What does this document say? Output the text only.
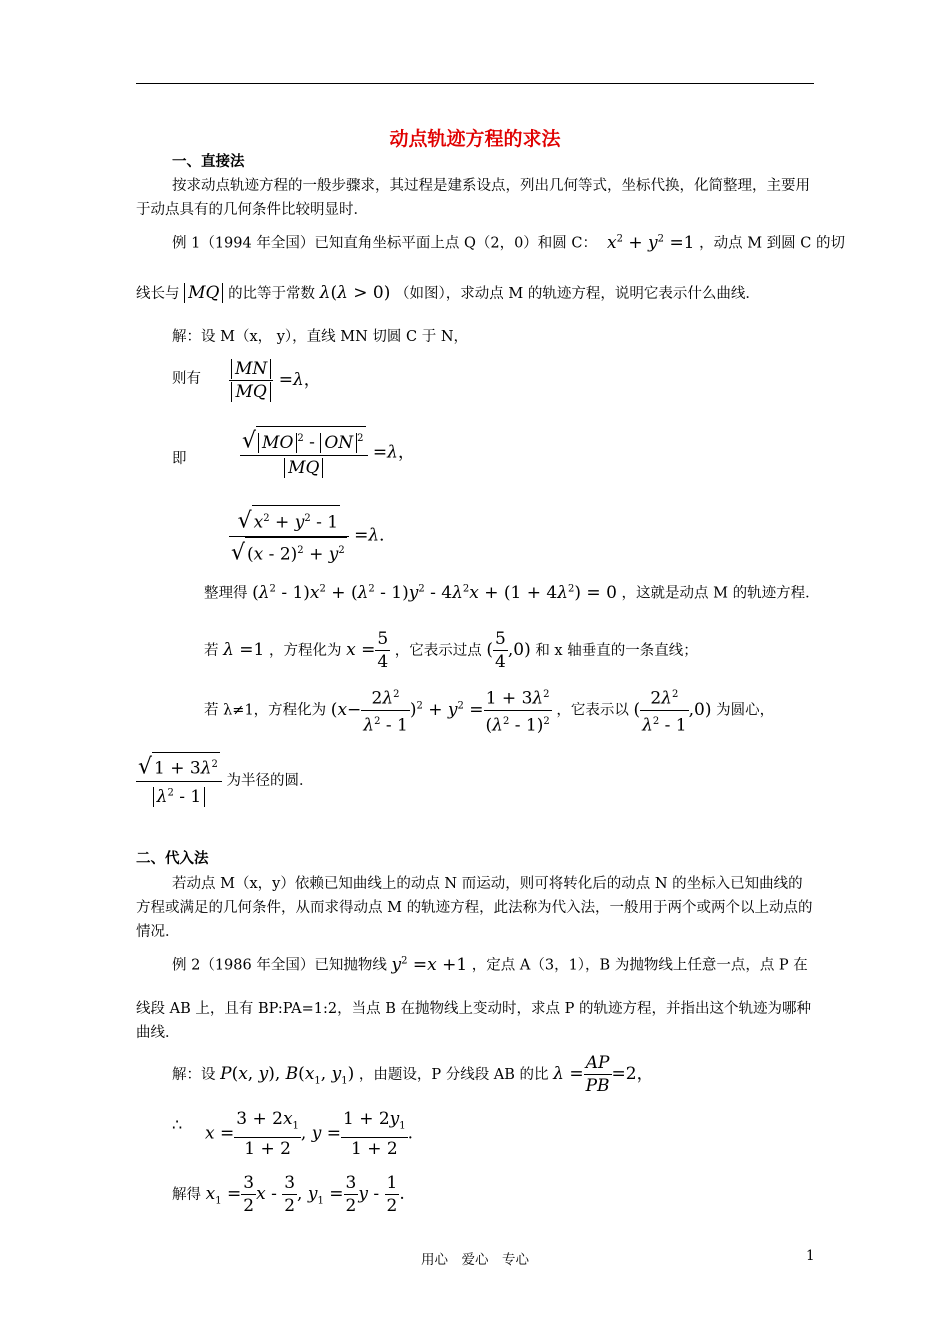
动点轨迹方程的求法
一、直接法
按求动点轨迹方程的一般步骤求，其过程是建系设点，列出几何等式，坐标代换，化简整理，主要用于动点具有的几何条件比较明显时．
例 1（1994 年全国）已知直角坐标平面上点 Q（2，0）和圆 C：  $x^2 + y^2 =1$ ，动点 M 到圆 C 的切
线长与 MQ 的比等于常数 λ(λ > 0) （如图），求动点 M 的轨迹方程，说明它表示什么曲线．
解：设 M（x， y），直线 MN 切圆 C 于 N，
则有 $\frac{MN}{MQ} =\lambda$，
即 $\frac{√ MO ^2 - ON ^2}{MQ} =\lambda$，
$\frac{√ x^2 + y^2 - 1}{√ (x - 2)^2 + y^2} =\lambda$．
整理得 $(\lambda^2 - 1)x^2 + (\lambda^2 - 1)y^2 - 4\lambda^2x + (1 + 4\lambda^2) = 0$ ，这就是动点 M 的轨迹方程．
若 λ =1 ，方程化为 $x = \frac{5}{4}$ ，它表示过点 ( $\frac{5}{4} ,0$) 和 x 轴垂直的一条直线；
若 λ≠1，方程化为 $(x- \frac{2\lambda^2}{\lambda^2 - 1} )^2 + y^2 = \frac{1 + 3\lambda^2}{(\lambda^2 - 1)^2}$ ，它表示以 ( $\frac{2\lambda^2}{\lambda^2 - 1} ,0$) 为圆心，
$\frac{√ 1 + 3\lambda^2}{\lambda^2 - 1}$ 为半径的圆．
二、代入法
若动点 M（x，y）依赖已知曲线上的动点 N 而运动，则可将转化后的动点 N 的坐标入已知曲线的方程或满足的几何条件，从而求得动点 M 的轨迹方程，此法称为代入法，一般用于两个或两个以上动点的情况．
例 2（1986 年全国）已知抛物线 $y^2 =x +1$ ，定点 A（3，1），B 为抛物线上任意一点，点 P 在
线段 AB 上，且有 BP:PA=1:2，当点 B 在抛物线上变动时，求点 P 的轨迹方程，并指出这个轨迹为哪种曲线．
解：设 P(x, y), $B(x_1$, $y_1$) ，由题设，P 分线段 AB 的比 $\lambda = \frac{AP}{PB} =2$，
∴ $x = \frac{3 + 2x_1}{1 + 2}$ , $y = \frac{1 + 2y_1}{1 + 2}$ .
解得 $x_1 = \frac{3}{2}$ x - $\frac{3}{2}$ , $y_1 = \frac{3}{2}$ y - $\frac{1}{2}$ .
用心　爱心　专心	1
